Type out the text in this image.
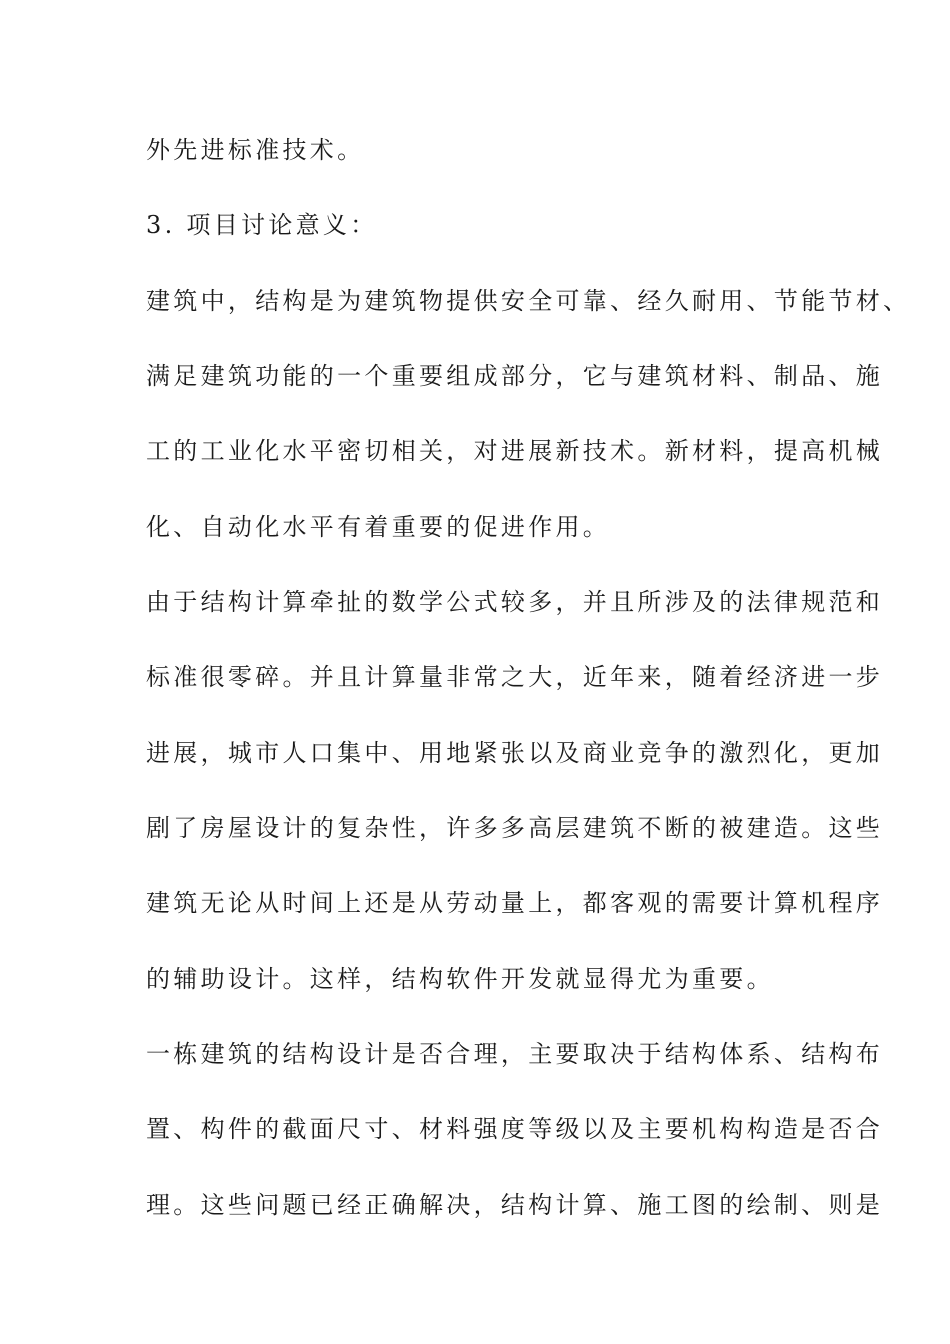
外先进标准技术。
3. 项目讨论意义：
建筑中，结构是为建筑物提供安全可靠、经久耐用、节能节材、
满足建筑功能的一个重要组成部分，它与建筑材料、制品、施
工的工业化水平密切相关，对进展新技术。新材料，提高机械
化、自动化水平有着重要的促进作用。
由于结构计算牵扯的数学公式较多，并且所涉及的法律规范和
标准很零碎。并且计算量非常之大，近年来，随着经济进一步
进展，城市人口集中、用地紧张以及商业竞争的激烈化，更加
剧了房屋设计的复杂性，许多多高层建筑不断的被建造。这些
建筑无论从时间上还是从劳动量上，都客观的需要计算机程序
的辅助设计。这样，结构软件开发就显得尤为重要。
一栋建筑的结构设计是否合理，主要取决于结构体系、结构布
置、构件的截面尺寸、材料强度等级以及主要机构构造是否合
理。这些问题已经正确解决，结构计算、施工图的绘制、则是
